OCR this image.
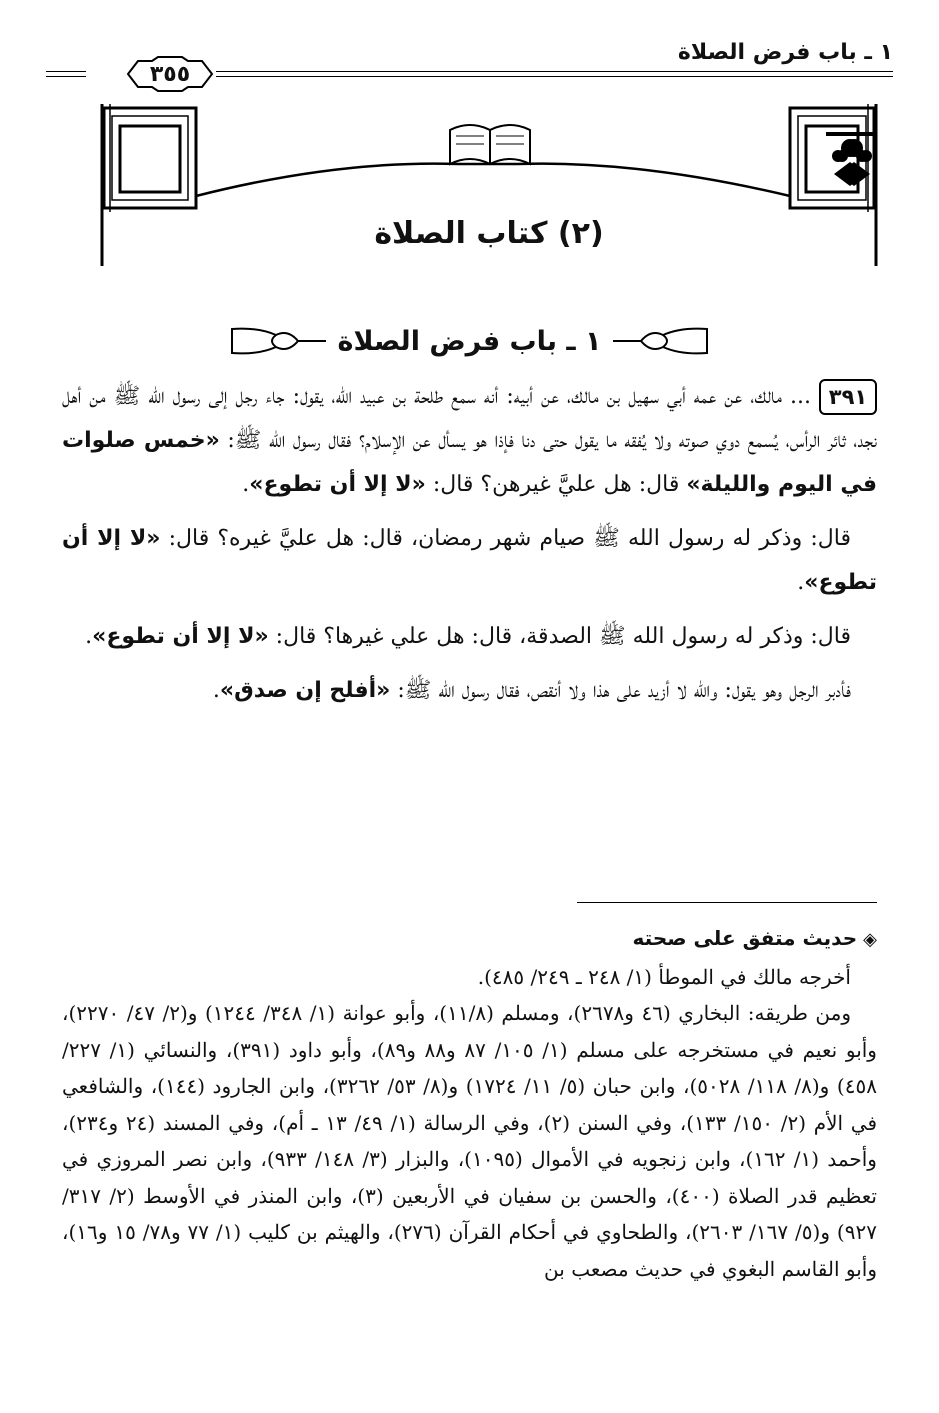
١ ـ باب فرض الصلاة
٣٥٥
(٢) كتاب الصلاة
١ ـ باب فرض الصلاة

٣٩١... مالك، عن عمه أبي سهيل بن مالك، عن أبيه: أنه سمع طلحة بن عبيد الله، يقول: جاء رجل إلى رسول الله ﷺ من أهل نجد، ثائر الرأس، يُسمع دوي صوته ولا يُفقه ما يقول حتى دنا فإذا هو يسأل عن الإسلام؟ فقال رسول الله ﷺ: «خمس صلوات في اليوم والليلة» قال: هل عليَّ غيرهن؟ قال: «لا إلا أن تطوع».

قال: وذكر له رسول الله ﷺ صيام شهر رمضان، قال: هل عليَّ غيره؟ قال: «لا إلا أن تطوع».

قال: وذكر له رسول الله ﷺ الصدقة، قال: هل علي غيرها؟ قال: «لا إلا أن تطوع».

فأدبر الرجل وهو يقول: والله لا أزيد على هذا ولا أنقص، فقال رسول الله ﷺ: «أفلح إن صدق».

◈حديث متفق على صحته

أخرجه مالك في الموطأ (١/ ٢٤٨ ـ ٢٤٩/ ٤٨٥).

ومن طريقه: البخاري (٤٦ و٢٦٧٨)، ومسلم (١١/٨)، وأبو عوانة (١/ ٣٤٨/ ١٢٤٤) و(٢/ ٤٧/ ٢٢٧٠)، وأبو نعيم في مستخرجه على مسلم (١/ ١٠٥/ ٨٧ و٨٨ و٨٩)، وأبو داود (٣٩١)، والنسائي (١/ ٢٢٧/ ٤٥٨) و(٨/ ١١٨/ ٥٠٢٨)، وابن حبان (٥/ ١١/ ١٧٢٤) و(٨/ ٥٣/ ٣٢٦٢)، وابن الجارود (١٤٤)، والشافعي في الأم (٢/ ١٥٠/ ١٣٣)، وفي السنن (٢)، وفي الرسالة (١/ ٤٩/ ١٣ ـ أم)، وفي المسند (٢٤ و٢٣٤)، وأحمد (١/ ١٦٢)، وابن زنجويه في الأموال (١٠٩٥)، والبزار (٣/ ١٤٨/ ٩٣٣)، وابن نصر المروزي في تعظيم قدر الصلاة (٤٠٠)، والحسن بن سفيان في الأربعين (٣)، وابن المنذر في الأوسط (٢/ ٣١٧/ ٩٢٧) و(٥/ ١٦٧/ ٢٦٠٣)، والطحاوي في أحكام القرآن (٢٧٦)، والهيثم بن كليب (١/ ٧٧ و٧٨/ ١٥ و١٦)، وأبو القاسم البغوي في حديث مصعب بن
